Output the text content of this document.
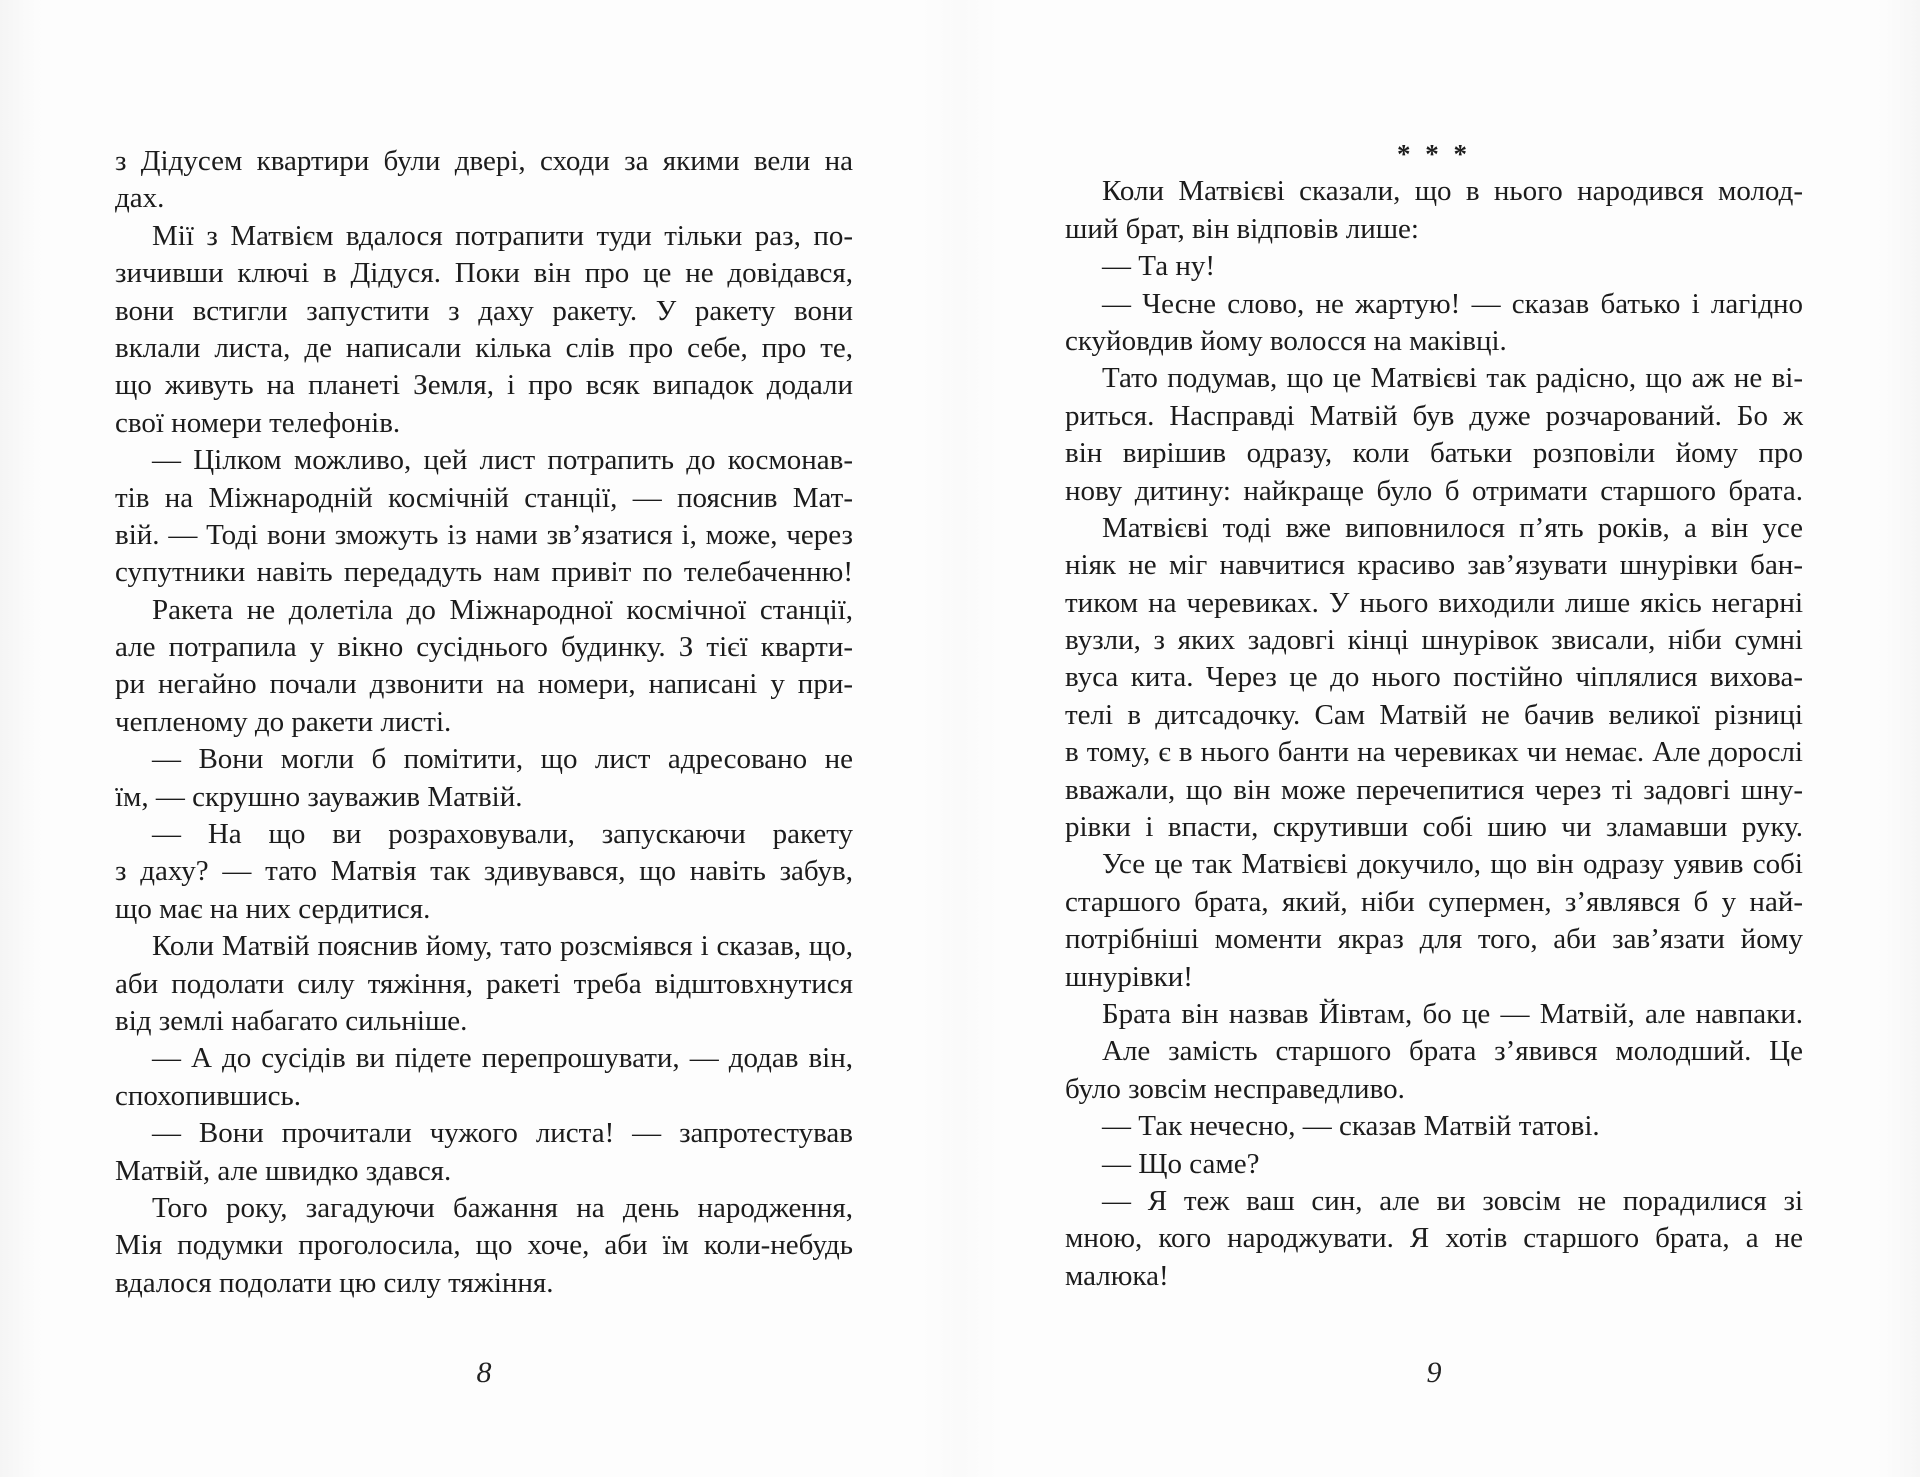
з Дідусем квартири були двері, сходи за якими вели на
дах.
Мії з Матвієм вдалося потрапити туди тільки раз, по-
зичивши ключі в Дідуся. Поки він про це не довідався,
вони встигли запустити з даху ракету. У ракету вони
вклали листа, де написали кілька слів про себе, про те,
що живуть на планеті Земля, і про всяк випадок додали
свої номери телефонів.
— Цілком можливо, цей лист потрапить до космонав-
тів на Міжнародній космічній станції, — пояснив Мат-
вій. — Тоді вони зможуть із нами зв’язатися і, може, через
супутники навіть передадуть нам привіт по телебаченню!
Ракета не долетіла до Міжнародної космічної станції,
але потрапила у вікно сусіднього будинку. З тієї кварти-
ри негайно почали дзвонити на номери, написані у при-
чепленому до ракети листі.
— Вони могли б помітити, що лист адресовано не
їм, — скрушно зауважив Матвій.
— На що ви розраховували, запускаючи ракету
з даху? — тато Матвія так здивувався, що навіть забув,
що має на них сердитися.
Коли Матвій пояснив йому, тато розсміявся і сказав, що,
аби подолати силу тяжіння, ракеті треба відштовхнутися
від землі набагато сильніше.
— А до сусідів ви підете перепрошувати, — додав він,
спохопившись.
— Вони прочитали чужого листа! — запротестував
Матвій, але швидко здався.
Того року, загадуючи бажання на день народження,
Мія подумки проголосила, що хоче, аби їм коли-небудь
вдалося подолати цю силу тяжіння.
8
* * *
Коли Матвієві сказали, що в нього народився молод-
ший брат, він відповів лише:
— Та ну!
— Чесне слово, не жартую! — сказав батько і лагідно
скуйовдив йому волосся на маківці.
Тато подумав, що це Матвієві так радісно, що аж не ві-
риться. Насправді Матвій був дуже розчарований. Бо ж
він вирішив одразу, коли батьки розповіли йому про
нову дитину: найкраще було б отримати старшого брата.
Матвієві тоді вже виповнилося п’ять років, а він усе
ніяк не міг навчитися красиво зав’язувати шнурівки бан-
тиком на черевиках. У нього виходили лише якісь негарні
вузли, з яких задовгі кінці шнурівок звисали, ніби сумні
вуса кита. Через це до нього постійно чіплялися вихова-
телі в дитсадочку. Сам Матвій не бачив великої різниці
в тому, є в нього банти на черевиках чи немає. Але дорослі
вважали, що він може перечепитися через ті задовгі шну-
рівки і впасти, скрутивши собі шию чи зламавши руку.
Усе це так Матвієві докучило, що він одразу уявив собі
старшого брата, який, ніби супермен, з’являвся б у най-
потрібніші моменти якраз для того, аби зав’язати йому
шнурівки!
Брата він назвав Йівтам, бо це — Матвій, але навпаки.
Але замість старшого брата з’явився молодший. Це
було зовсім несправедливо.
— Так нечесно, — сказав Матвій татові.
— Що саме?
— Я теж ваш син, але ви зовсім не порадилися зі
мною, кого народжувати. Я хотів старшого брата, а не
малюка!
9
